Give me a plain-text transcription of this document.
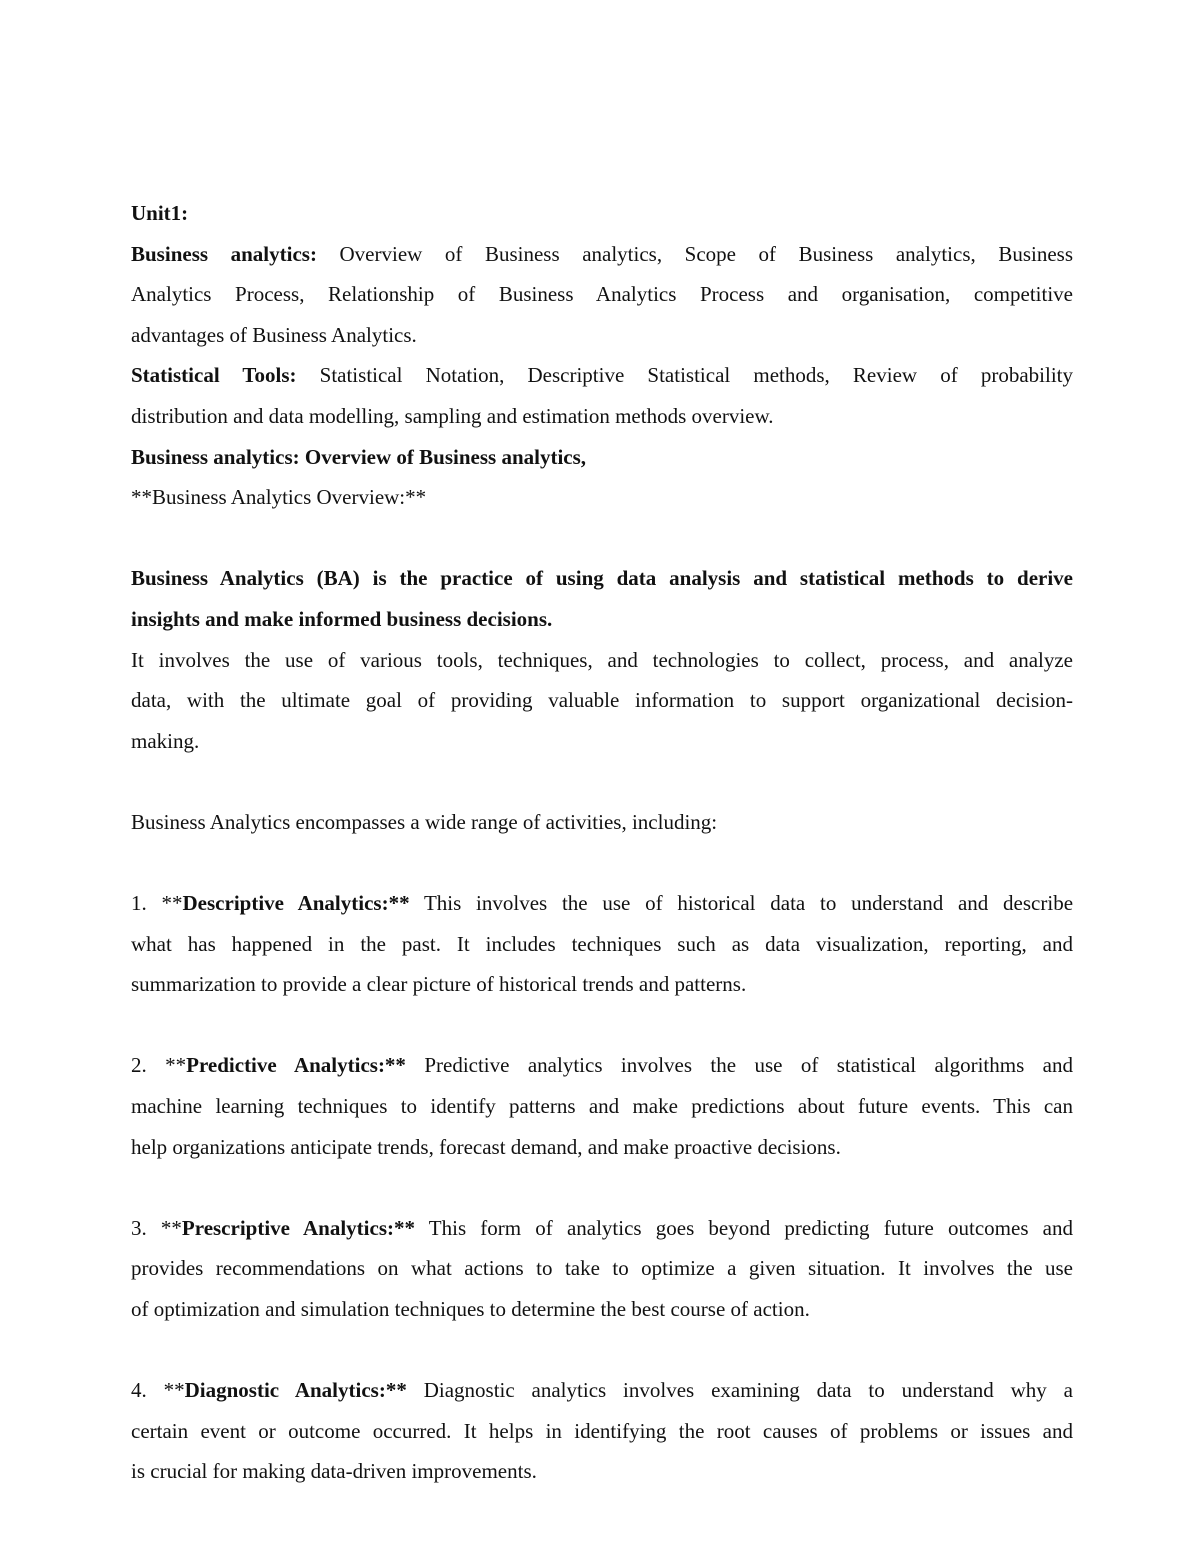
Unit1:
Business analytics: Overview of Business analytics, Scope of Business analytics, Business
Analytics Process, Relationship of Business Analytics Process and organisation, competitive
advantages of Business Analytics.
Statistical Tools: Statistical Notation, Descriptive Statistical methods, Review of probability
distribution and data modelling, sampling and estimation methods overview.
Business analytics: Overview of Business analytics,
**Business Analytics Overview:**
Business Analytics (BA) is the practice of using data analysis and statistical methods to derive
insights and make informed business decisions.
It involves the use of various tools, techniques, and technologies to collect, process, and analyze
data, with the ultimate goal of providing valuable information to support organizational decision-
making.
Business Analytics encompasses a wide range of activities, including:
1. **Descriptive Analytics:** This involves the use of historical data to understand and describe
what has happened in the past. It includes techniques such as data visualization, reporting, and
summarization to provide a clear picture of historical trends and patterns.
2. **Predictive Analytics:** Predictive analytics involves the use of statistical algorithms and
machine learning techniques to identify patterns and make predictions about future events. This can
help organizations anticipate trends, forecast demand, and make proactive decisions.
3. **Prescriptive Analytics:** This form of analytics goes beyond predicting future outcomes and
provides recommendations on what actions to take to optimize a given situation. It involves the use
of optimization and simulation techniques to determine the best course of action.
4. **Diagnostic Analytics:** Diagnostic analytics involves examining data to understand why a
certain event or outcome occurred. It helps in identifying the root causes of problems or issues and
is crucial for making data-driven improvements.
